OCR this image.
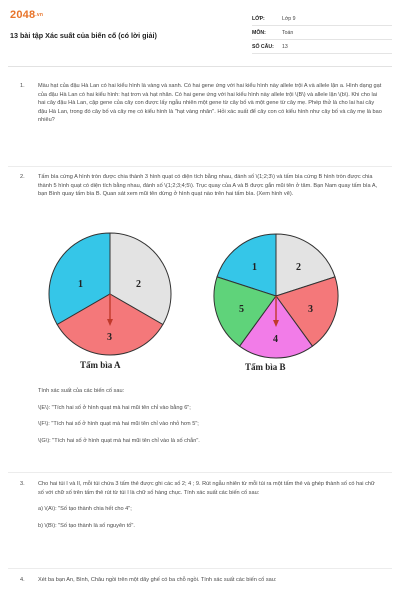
2048.vn
13 bài tập Xác suất của biến cố (có lời giải)
LỚP:	Lớp 9
MÔN:	Toán
SỐ CÂU:	13
1. Màu hạt của đậu Hà Lan có hai kiểu hình là vàng và xanh. Có hai gene ứng với hai kiểu hình này allele trội A và allele lặn a. Hình dạng gạt của đậu Hà Lan có hai kiểu hình: hạt trơn và hạt nhăn. Có hai gene ứng với hai kiểu hình này allele trội \(B\) và allele lặn \(b\). Khi cho lai hai cây đậu Hà Lan, cặp gene của cây con được lấy ngẫu nhiên một gene từ cây bố và một gene từ cây mẹ. Phép thử là cho lai hai cây đậu Hà Lan, trong đó cây bố và cây mẹ có kiểu hình là "hạt vàng nhăn". Hỏi xác suất để cây con có kiểu hình như cây bố và cây mẹ là bao nhiêu?
2. Tấm bìa cứng A hình tròn được chia thành 3 hình quạt có diện tích bằng nhau, đánh số \(1;2;3\) và tấm bìa cứng B hình tròn được chia thành 5 hình quạt có diện tích bằng nhau, đánh số \(1;2;3;4;5\). Trục quay của A và B được gắn mũi tên ở tâm. Bạn Nam quay tấm bìa A, bạn Bình quay tấm bìa B. Quan sát xem mũi tên dừng ở hình quạt nào trên hai tấm bìa. (Xem hình vẽ).
1	2
3
1	2
3
4
5
Tấm bìa A	Tấm bìa B
Tính xác suất của các biến cố sau:
\(E\): "Tích hai số ở hình quạt mà hai mũi tên chỉ vào bằng 6";
\(F\): "Tích hai số ở hình quạt mà hai mũi tên chỉ vào nhỏ hơn 5";
\(G\): "Tích hai số ở hình quạt mà hai mũi tên chỉ vào là số chẵn".
3. Cho hai túi I và II, mỗi túi chứa 3 tấm thẻ được ghi các số 2; 4 ; 9. Rút ngẫu nhiên từ mỗi túi ra một tấm thẻ và ghép thành số có hai chữ số với chữ số trên tấm thẻ rút từ túi I là chữ số hàng chục. Tính xác suất các biến cố sau:
a) \(A\): "Số tạo thành chia hết cho 4";
b) \(B\): "Số tạo thành là số nguyên tố".
4. Xét ba bạn An, Bình, Châu ngồi trên một dãy ghế có ba chỗ ngồi. Tính xác suất các biến cố sau:
